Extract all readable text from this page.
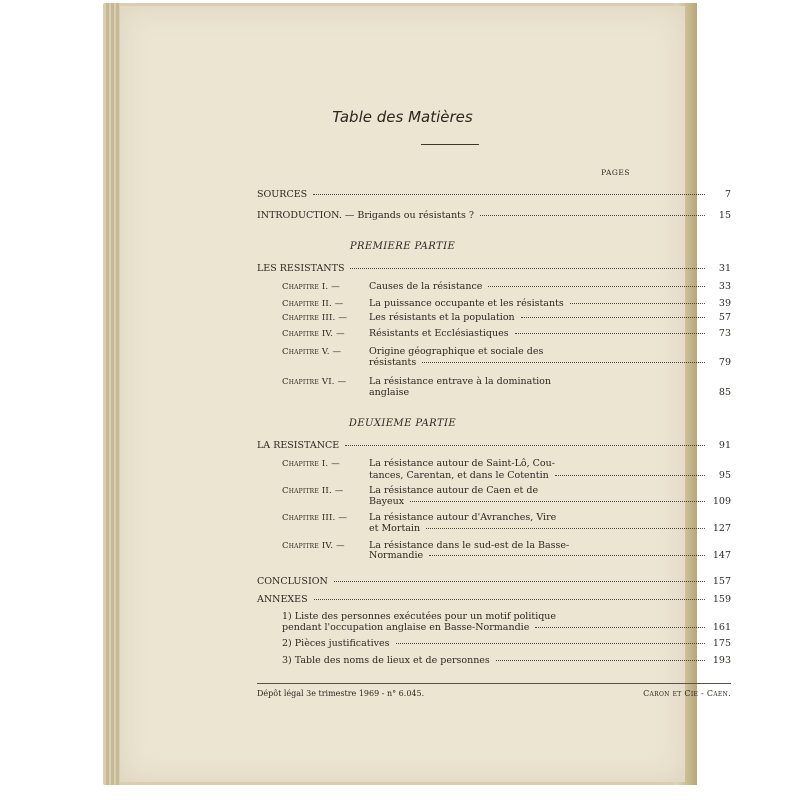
Table des Matières
PAGES
SOURCES	7
INTRODUCTION. — Brigands ou résistants ?	15
PREMIERE PARTIE
LES RESISTANTS	31
Chapitre I. —	Causes de la résistance	33
Chapitre II. —	La puissance occupante et les résistants	39
Chapitre III. — Les résistants et la population	57
Chapitre IV. —	Résistants et Ecclésiastiques	73
Chapitre V. —	Origine géographique et sociale des
résistants	79
Chapitre VI. — La résistance entrave à la domination
anglaise	85
DEUXIEME PARTIE
LA RESISTANCE	91
Chapitre I. —	La résistance autour de Saint-Lô, Cou-
tances, Carentan, et dans le Cotentin	95
Chapitre II. —	La résistance autour de Caen et de
Bayeux	109
Chapitre III. — La résistance autour d'Avranches, Vire
et Mortain	127
Chapitre IV. —	La résistance dans le sud-est de la Basse-
Normandie	147
CONCLUSION	157
ANNEXES	159
1) Liste des personnes exécutées pour un motif politique
pendant l'occupation anglaise en Basse-Normandie	161
2) Pièces justificatives	175
3) Table des noms de lieux et de personnes	193
Dépôt légal 3e trimestre 1969 - n° 6.045.	Caron et Cie - Caen.
